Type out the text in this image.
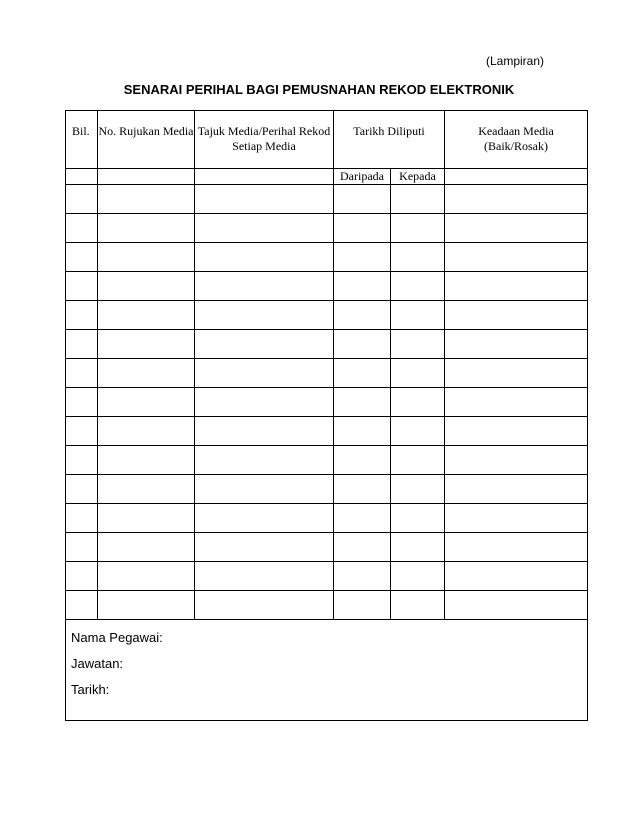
(Lampiran)
SENARAI PERIHAL BAGI PEMUSNAHAN REKOD ELEKTRONIK
Bil.	No. Rujukan Media	Tajuk Media/Perihal Rekod Setiap Media	Tarikh Diliputi		Keadaan Media (Baik/Rosak)
			Daripada	Kepada	

Nama Pegawai:
Jawatan:
Tarikh:					
